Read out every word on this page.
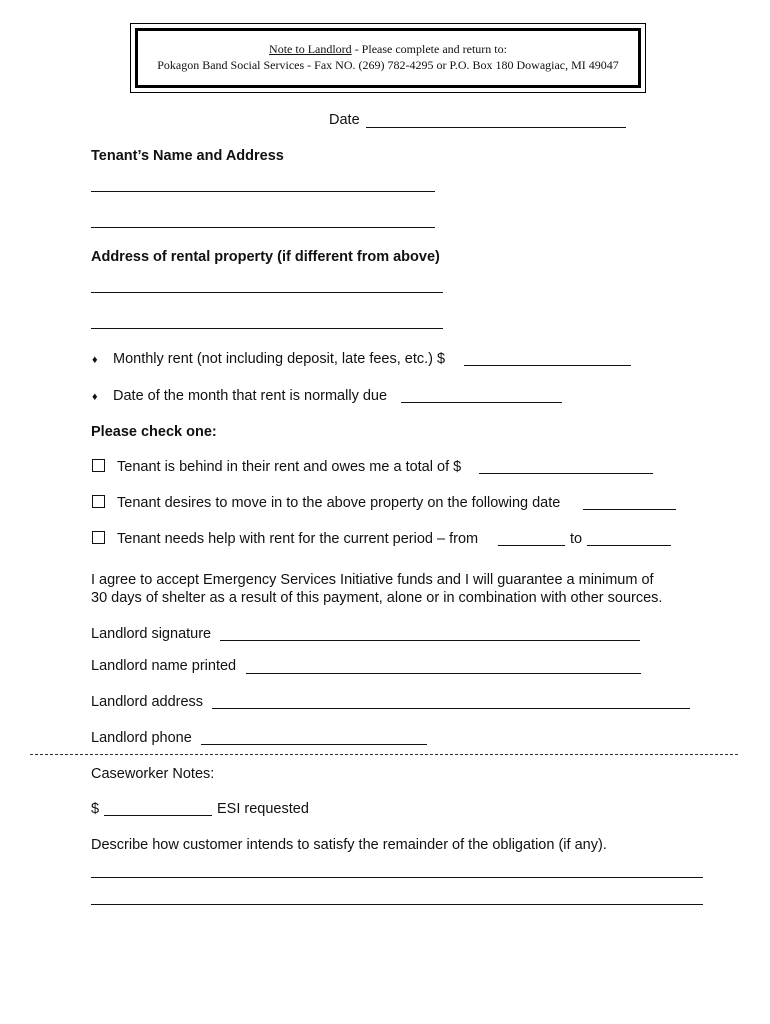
Note to Landlord - Please complete and return to:
Pokagon Band Social Services - Fax NO. (269) 782-4295 or P.O. Box 180 Dowagiac, MI 49047
Date
Tenant’s Name and Address
Address of rental property (if different from above)
♦ Monthly rent (not including deposit, late fees, etc.) $
♦ Date of the month that rent is normally due
Please check one:
Tenant is behind in their rent and owes me a total of $
Tenant desires to move in to the above property on the following date
Tenant needs help with rent for the current period – from	to
I agree to accept Emergency Services Initiative funds and I will guarantee a minimum of
30 days of shelter as a result of this payment, alone or in combination with other sources.
Landlord signature
Landlord name printed
Landlord address
Landlord phone
Caseworker Notes:
$	ESI requested
Describe how customer intends to satisfy the remainder of the obligation (if any).
